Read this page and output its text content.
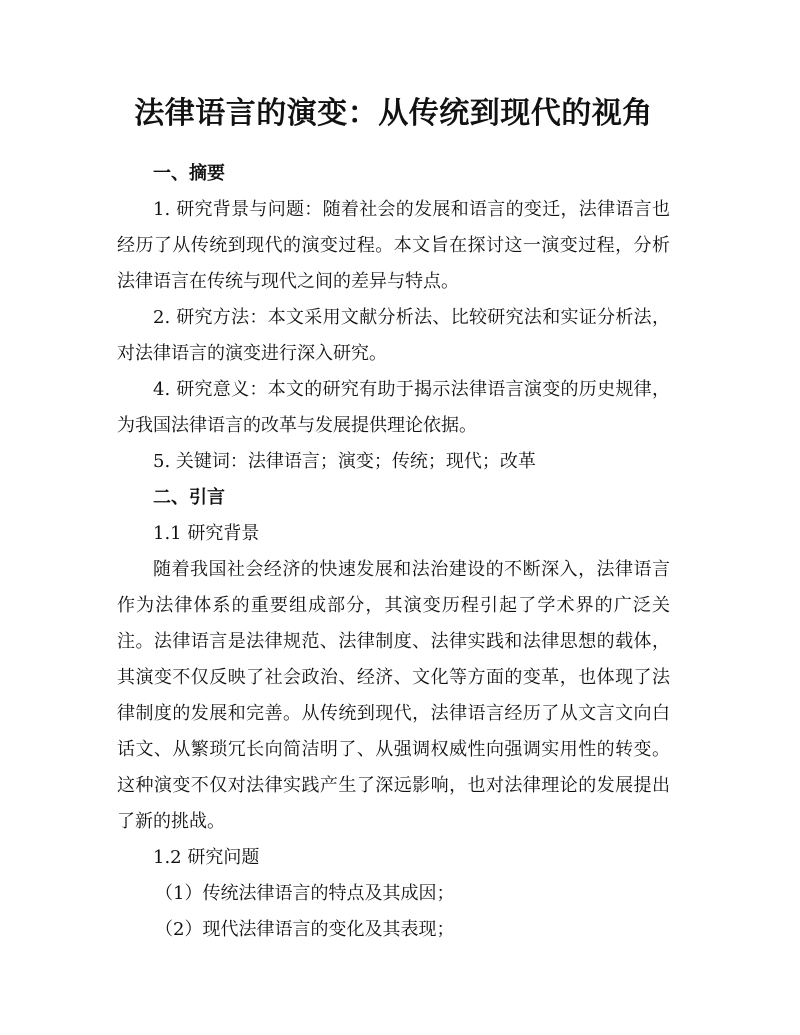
法律语言的演变：从传统到现代的视角

一、摘要

1. 研究背景与问题：随着社会的发展和语言的变迁，法律语言也经历了从传统到现代的演变过程。本文旨在探讨这一演变过程，分析法律语言在传统与现代之间的差异与特点。

2. 研究方法：本文采用文献分析法、比较研究法和实证分析法，对法律语言的演变进行深入研究。

4. 研究意义：本文的研究有助于揭示法律语言演变的历史规律，为我国法律语言的改革与发展提供理论依据。

5. 关键词：法律语言；演变；传统；现代；改革

二、引言

1.1 研究背景

随着我国社会经济的快速发展和法治建设的不断深入，法律语言作为法律体系的重要组成部分，其演变历程引起了学术界的广泛关注。法律语言是法律规范、法律制度、法律实践和法律思想的载体，其演变不仅反映了社会政治、经济、文化等方面的变革，也体现了法律制度的发展和完善。从传统到现代，法律语言经历了从文言文向白话文、从繁琐冗长向简洁明了、从强调权威性向强调实用性的转变。这种演变不仅对法律实践产生了深远影响，也对法律理论的发展提出了新的挑战。

1.2 研究问题

（1）传统法律语言的特点及其成因；

（2）现代法律语言的变化及其表现；
